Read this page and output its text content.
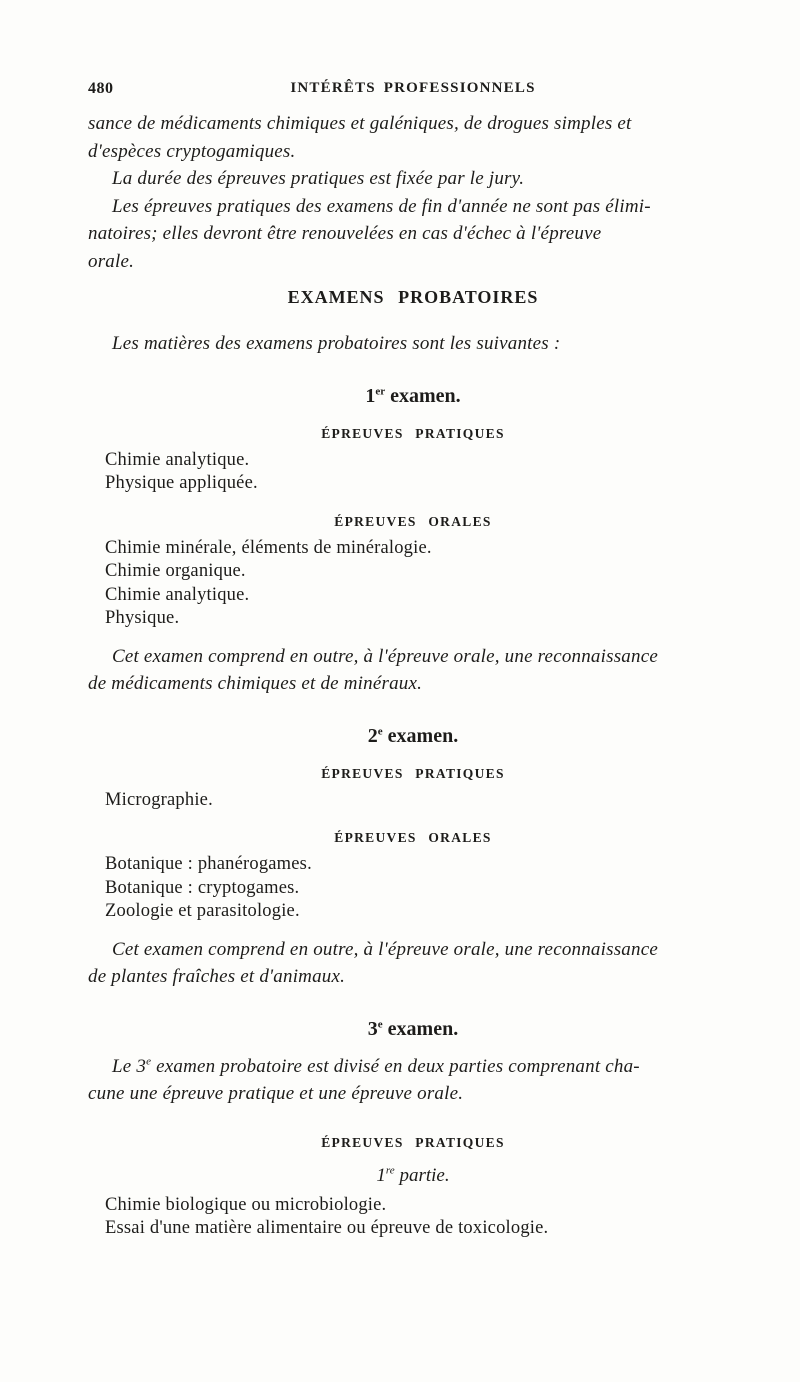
480	INTÉRÊTS PROFESSIONNELS
sance de médicaments chimiques et galéniques, de drogues simples et
d'espèces cryptogamiques.
La durée des épreuves pratiques est fixée par le jury.
Les épreuves pratiques des examens de fin d'année ne sont pas élimi-
natoires; elles devront être renouvelées en cas d'échec à l'épreuve
orale.
EXAMENS PROBATOIRES
Les matières des examens probatoires sont les suivantes :
1er examen.
ÉPREUVES PRATIQUES
Chimie analytique.
Physique appliquée.
ÉPREUVES ORALES
Chimie minérale, éléments de minéralogie.
Chimie organique.
Chimie analytique.
Physique.
Cet examen comprend en outre, à l'épreuve orale, une reconnaissance
de médicaments chimiques et de minéraux.
2e examen.
ÉPREUVES PRATIQUES
Micrographie.
ÉPREUVES ORALES
Botanique : phanérogames.
Botanique : cryptogames.
Zoologie et parasitologie.
Cet examen comprend en outre, à l'épreuve orale, une reconnaissance
de plantes fraîches et d'animaux.
3e examen.
Le 3e examen probatoire est divisé en deux parties comprenant cha-
cune une épreuve pratique et une épreuve orale.
ÉPREUVES PRATIQUES
1re partie.
Chimie biologique ou microbiologie.
Essai d'une matière alimentaire ou épreuve de toxicologie.
